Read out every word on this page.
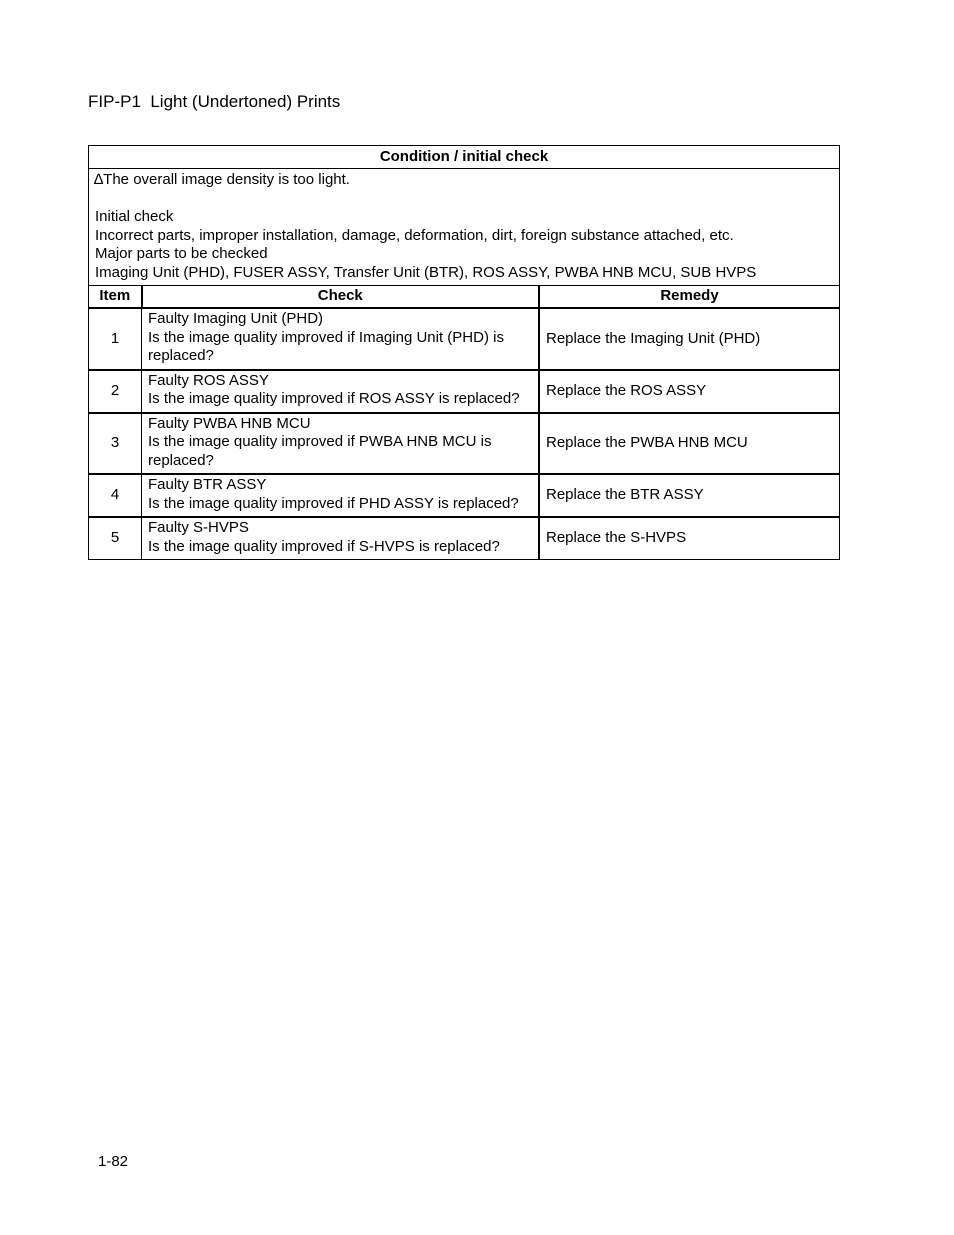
FIP-P1  Light (Undertoned) Prints
Condition / initial check		

∆The overall image density is too light.
Initial check
Incorrect parts, improper installation, damage, deformation, dirt, foreign substance attached, etc.
Major parts to be checked
Imaging Unit (PHD), FUSER ASSY, Transfer Unit (BTR), ROS ASSY, PWBA HNB MCU, SUB HVPS		

Item	Check	Remedy
1	Faulty Imaging Unit (PHD)
Is the image quality improved if Imaging Unit (PHD) is replaced?	Replace the Imaging Unit (PHD)
2	Faulty ROS ASSY
Is the image quality improved if ROS ASSY is replaced?	Replace the ROS ASSY
3	Faulty PWBA HNB MCU
Is the image quality improved if PWBA HNB MCU is replaced?	Replace the PWBA HNB MCU
4	Faulty BTR ASSY
Is the image quality improved if PHD ASSY is replaced?	Replace the BTR ASSY
5	Faulty S-HVPS
Is the image quality improved if S-HVPS is replaced?	Replace the S-HVPS
1-82
